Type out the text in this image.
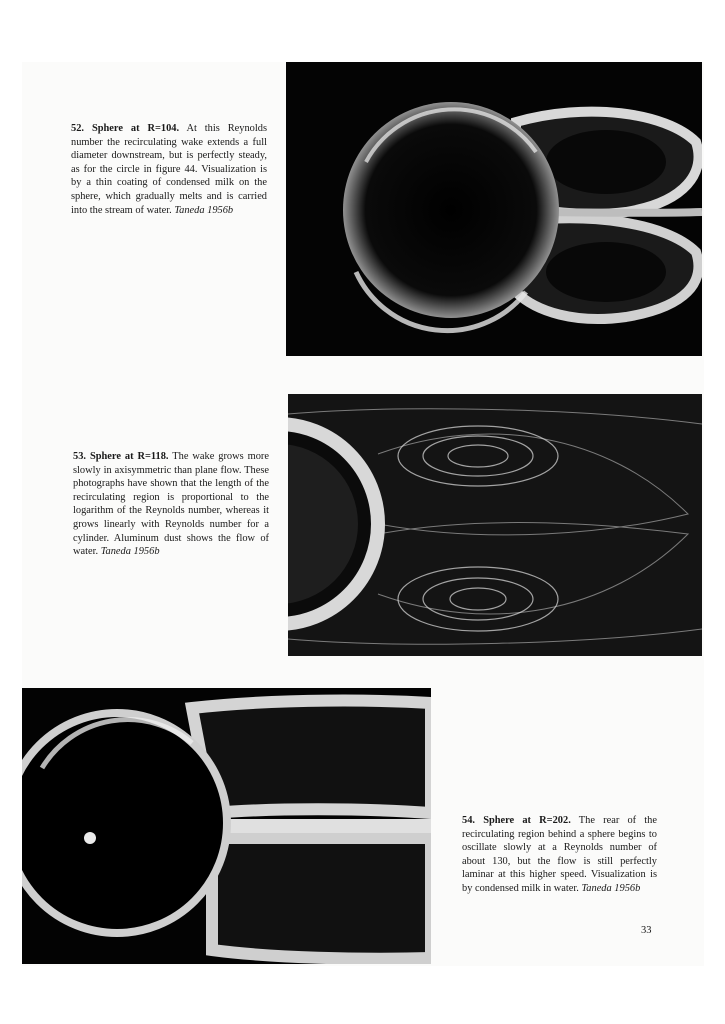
52. Sphere at R=104. At this Reynolds number the recirculating wake extends a full diameter downstream, but is perfectly steady, as for the circle in figure 44. Visualization is by a thin coating of condensed milk on the sphere, which gradually melts and is carried into the stream of water. Taneda 1956b
53. Sphere at R=118. The wake grows more slowly in axisymmetric than plane flow. These photographs have shown that the length of the recirculating region is proportional to the logarithm of the Reynolds number, whereas it grows linearly with Reynolds number for a cylinder. Aluminum dust shows the flow of water. Taneda 1956b
54. Sphere at R=202. The rear of the recirculating region behind a sphere begins to oscillate slowly at a Reynolds number of about 130, but the flow is still perfectly laminar at this higher speed. Visualization is by condensed milk in water. Taneda 1956b
33
